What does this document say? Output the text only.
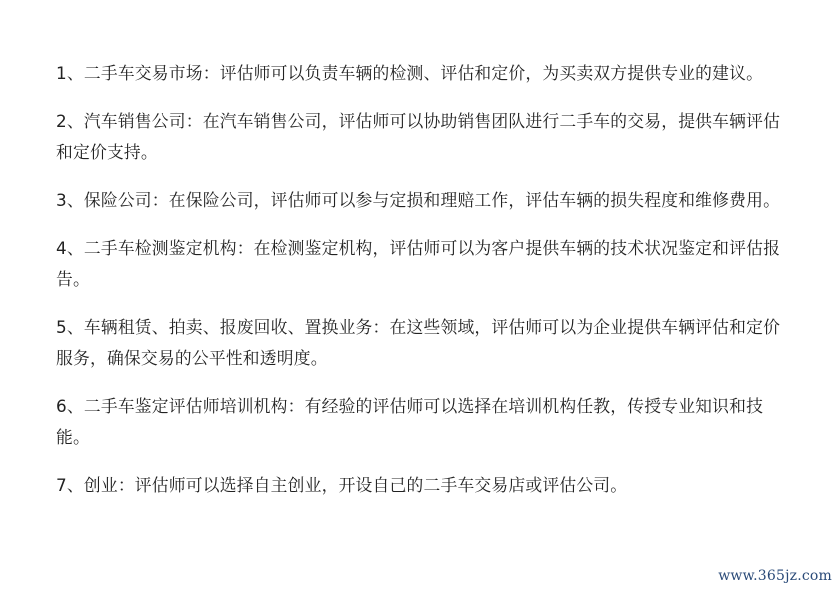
1、二手车交易市场：评估师可以负责车辆的检测、评估和定价，为买卖双方提供专业的建议。

2、汽车销售公司：在汽车销售公司，评估师可以协助销售团队进行二手车的交易，提供车辆评估和定价支持。

3、保险公司：在保险公司，评估师可以参与定损和理赔工作，评估车辆的损失程度和维修费用。

4、二手车检测鉴定机构：在检测鉴定机构，评估师可以为客户提供车辆的技术状况鉴定和评估报告。

5、车辆租赁、拍卖、报废回收、置换业务：在这些领域，评估师可以为企业提供车辆评估和定价服务，确保交易的公平性和透明度。

6、二手车鉴定评估师培训机构：有经验的评估师可以选择在培训机构任教，传授专业知识和技能。

7、创业：评估师可以选择自主创业，开设自己的二手车交易店或评估公司。

www.365jz.com
